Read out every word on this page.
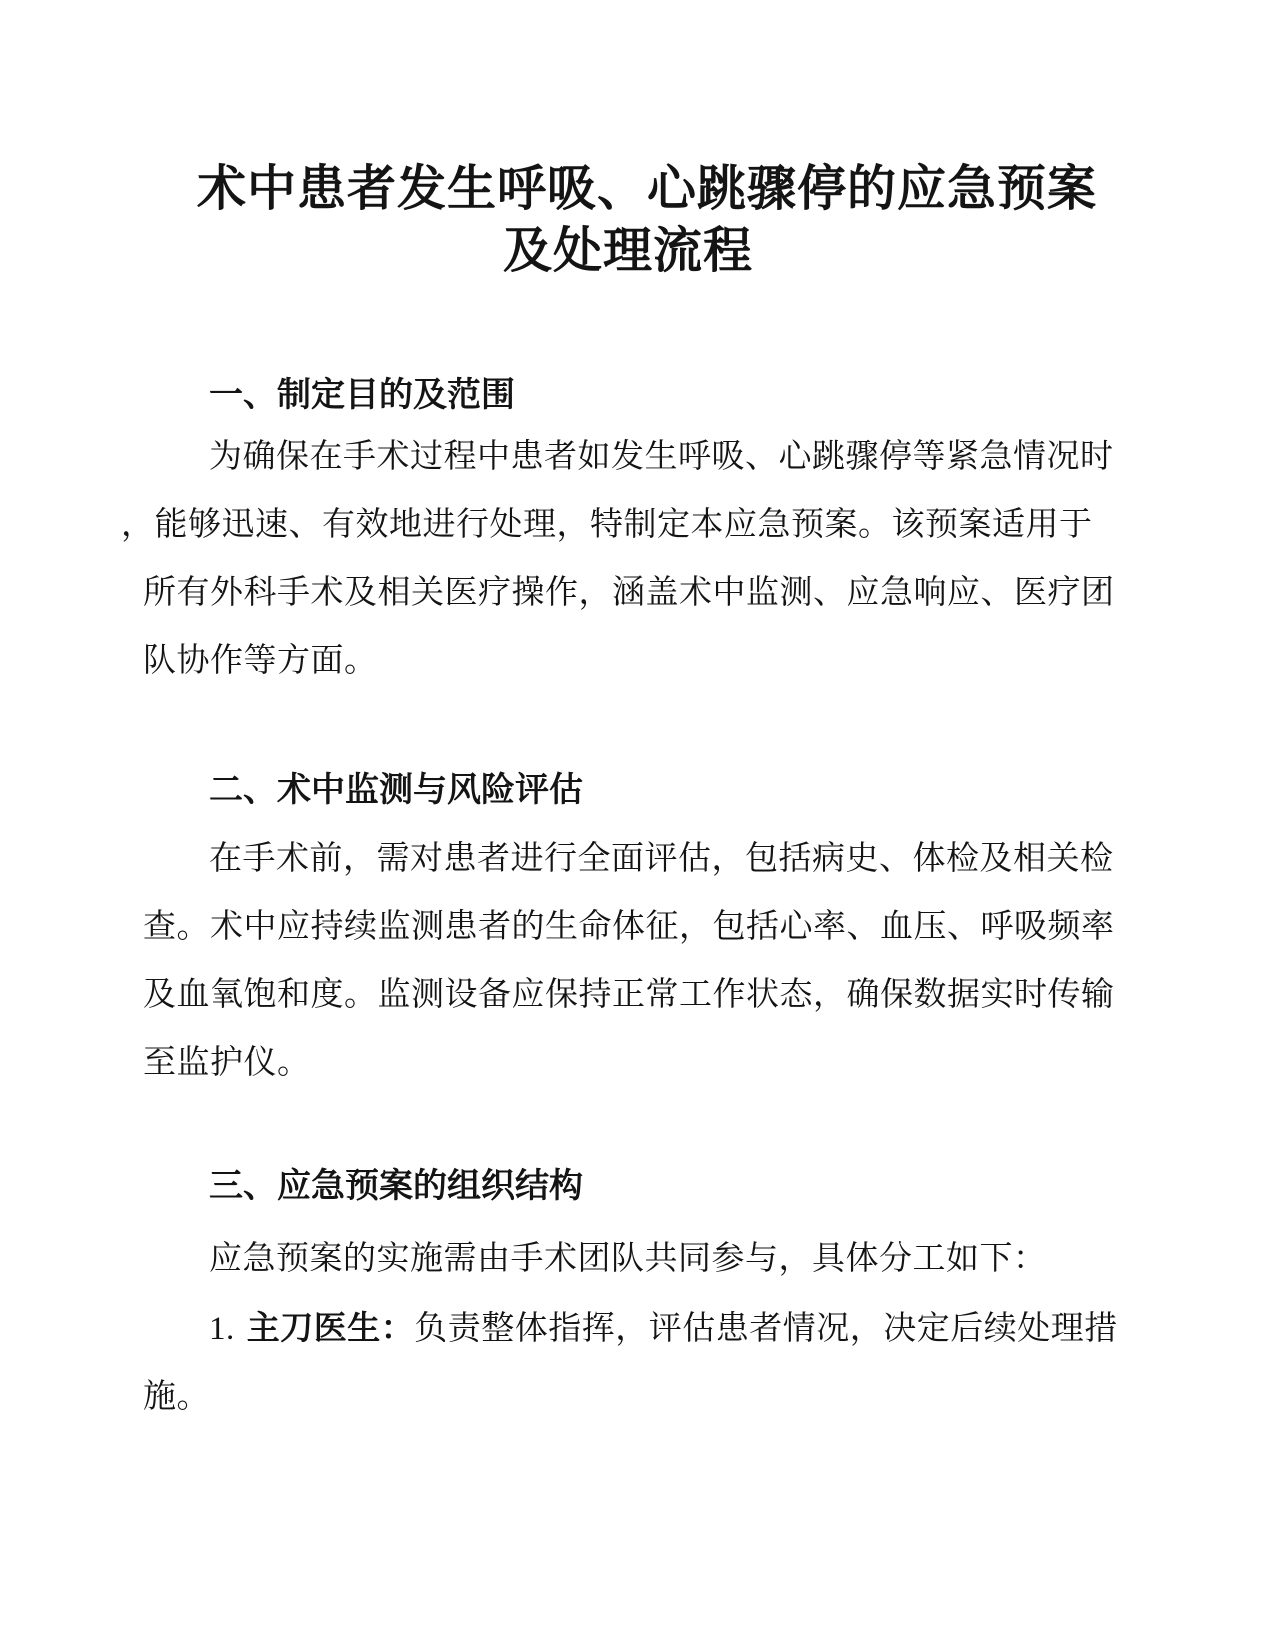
术中患者发生呼吸、心跳骤停的应急预案
及处理流程
一、制定目的及范围
为确保在手术过程中患者如发生呼吸、心跳骤停等紧急情况时
，能够迅速、有效地进行处理，特制定本应急预案。该预案适用于
所有外科手术及相关医疗操作，涵盖术中监测、应急响应、医疗团
队协作等方面。
二、术中监测与风险评估
在手术前，需对患者进行全面评估，包括病史、体检及相关检
查。术中应持续监测患者的生命体征，包括心率、血压、呼吸频率
及血氧饱和度。监测设备应保持正常工作状态，确保数据实时传输
至监护仪。
三、应急预案的组织结构
应急预案的实施需由手术团队共同参与，具体分工如下：
1. 主刀医生：负责整体指挥，评估患者情况，决定后续处理措
施。
